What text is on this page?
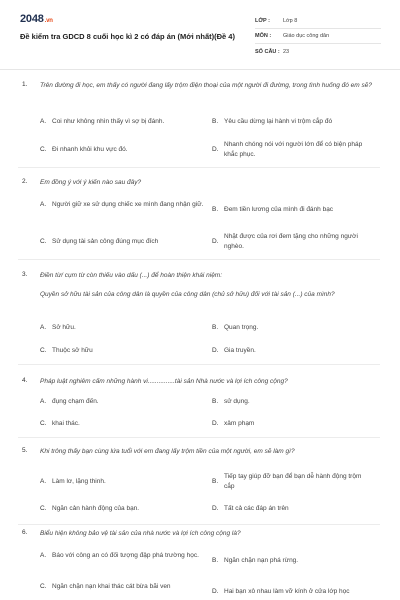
2048.vn
Đề kiểm tra GDCD 8 cuối học kì 2 có đáp án (Mới nhất)(Đề 4)
LỚP :	Lớp 8
MÔN :	Giáo dục công dân
SỐ CÂU : 23
1. Trên đường đi học, em thấy có người đang lấy trộm điện thoại của một người đi đường, trong tình huống đó em sẽ?
A. Coi như không nhìn thấy vì sợ bị đánh.	B. Yêu cầu dừng lại hành vi trộm cắp đó
C. Đi nhanh khỏi khu vực đó.	D.
Nhanh chóng nói với người lớn để có biện pháp khắc phục.
2. Em đồng ý với ý kiến nào sau đây?
A. Người giữ xe sử dụng chiếc xe mình đang nhận giữ.
B. Đem tiền lương của mình đi đánh bạc
C. Sử dụng tài sản công đúng mục đích	D.
Nhặt được của rơi đem tặng cho những người nghèo.
3. Điền từ/ cụm từ còn thiếu vào dấu (...) để hoàn thiện khái niệm:
Quyền sở hữu tài sản của công dân là quyền của công dân (chủ sở hữu) đối với tài sản (...) của mình?
A. Sở hữu.	B. Quan trọng.
C. Thuộc sở hữu	D. Gia truyền.
4. Pháp luật nghiêm cấm những hành vi...............tài sản Nhà nước và lợi ích công cộng?
A. đụng chạm đến.	B. sử dụng.
C. khai thác.	D. xâm phạm
5. Khi trông thấy bạn cùng lứa tuổi với em đang lấy trộm tiền của một người, em sẽ làm gì?
A. Làm lơ, lặng thinh.	B.
Tiếp tay giúp đỡ bạn để bạn dễ hành động trộm cắp
C. Ngăn cản hành động của bạn.	D. Tất cả các đáp án trên
6. Biểu hiện không bảo vệ tài sản của nhà nước và lợi ích công cộng là?
A. Báo với công an có đối tượng đập phá trường học.
B. Ngăn chặn nạn phá rừng.
C. Ngăn chặn nạn khai thác cát bừa bãi ven
D. Hai bạn xô nhau làm vỡ kính ở cửa lớp học
